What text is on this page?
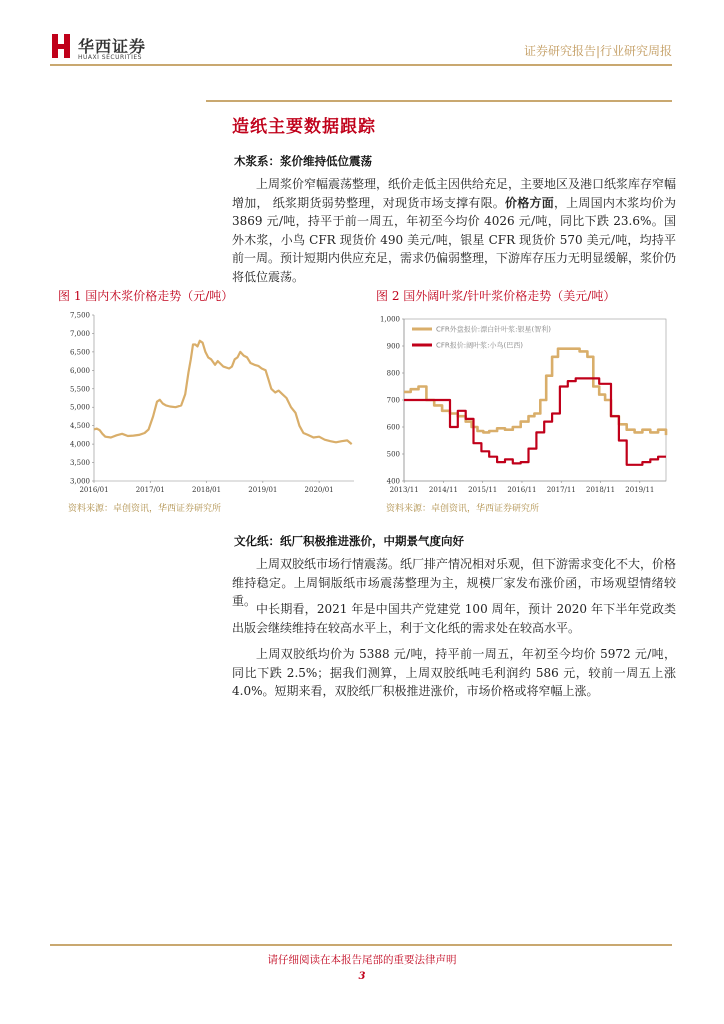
华西证券
HUAXI SECURITIES	证券研究报告|行业研究周报
造纸主要数据跟踪
木浆系：浆价维持低位震荡

上周浆价窄幅震荡整理，纸价走低主因供给充足，主要地区及港口纸浆库存窄幅增加， 纸浆期货弱势整理，对现货市场支撑有限。价格方面，上周国内木浆均价为 3869 元/吨，持平于前一周五，年初至今均价 4026 元/吨，同比下跌 23.6%。国外木浆，小鸟 CFR 现货价 490 美元/吨，银星 CFR 现货价 570 美元/吨，均持平前一周。预计短期内供应充足，需求仍偏弱整理，下游库存压力无明显缓解，浆价仍将低位震荡。

图 1 国内木浆价格走势（元/吨）	图 2 国外阔叶浆/针叶浆价格走势（美元/吨）
3,000
3,500
4,000
4,500
5,000
5,500
6,000
6,500
7,000
7,500
2016/01	2017/01	2018/01	2019/01	2020/01
400
500
600
700
800
900
1,000
2013/11 2014/11 2015/11 2016/11 2017/11 2018/11 2019/11
CFR外盘报价:漂白针叶浆:银星(智利)
CFR报价:阔叶浆:小鸟(巴西)
资料来源：卓创资讯，华西证券研究所	资料来源：卓创资讯，华西证券研究所
文化纸：纸厂积极推进涨价，中期景气度向好

上周双胶纸市场行情震荡。纸厂排产情况相对乐观，但下游需求变化不大，价格维持稳定。上周铜版纸市场震荡整理为主，规模厂家发布涨价函，市场观望情绪较重。

中长期看，2021 年是中国共产党建党 100 周年，预计 2020 年下半年党政类出版会继续维持在较高水平上，利于文化纸的需求处在较高水平。

上周双胶纸均价为 5388 元/吨，持平前一周五，年初至今均价 5972 元/吨，同比下跌 2.5%；据我们测算，上周双胶纸吨毛利润约 586 元，较前一周五上涨 4.0%。短期来看，双胶纸厂积极推进涨价，市场价格或将窄幅上涨。

请仔细阅读在本报告尾部的重要法律声明
3
